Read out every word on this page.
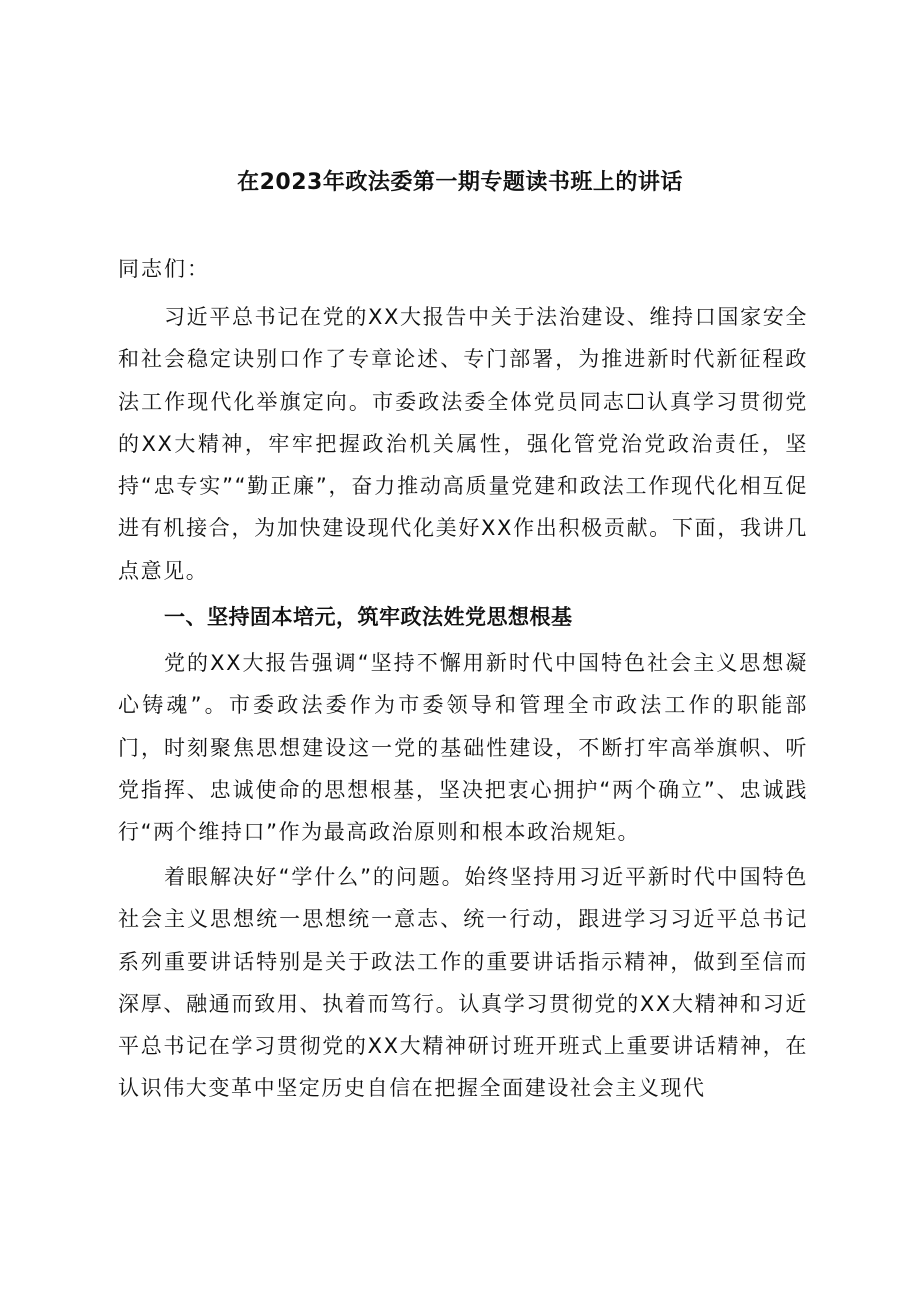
在2023年政法委第一期专题读书班上的讲话
同志们：

习近平总书记在党的XX大报告中关于法治建设、维持口国家安全和社会稳定诀别口作了专章论述、专门部署，为推进新时代新征程政法工作现代化举旗定向。市委政法委全体党员同志☐认真学习贯彻党的XX大精神，牢牢把握政治机关属性，强化管党治党政治责任，坚持“忠专实”“勤正廉”，奋力推动高质量党建和政法工作现代化相互促进有机接合，为加快建设现代化美好XX作出积极贡献。下面，我讲几点意见。

一、坚持固本培元，筑牢政法姓党思想根基

党的XX大报告强调“坚持不懈用新时代中国特色社会主义思想凝心铸魂”。市委政法委作为市委领导和管理全市政法工作的职能部门，时刻聚焦思想建设这一党的基础性建设，不断打牢高举旗帜、听党指挥、忠诚使命的思想根基，坚决把衷心拥护“两个确立”、忠诚践行“两个维持口”作为最高政治原则和根本政治规矩。

着眼解决好“学什么”的问题。始终坚持用习近平新时代中国特色社会主义思想统一思想统一意志、统一行动，跟进学习习近平总书记系列重要讲话特别是关于政法工作的重要讲话指示精神，做到至信而深厚、融通而致用、执着而笃行。认真学习贯彻党的XX大精神和习近平总书记在学习贯彻党的XX大精神研讨班开班式上重要讲话精神，在认识伟大变革中坚定历史自信在把握全面建设社会主义现代
